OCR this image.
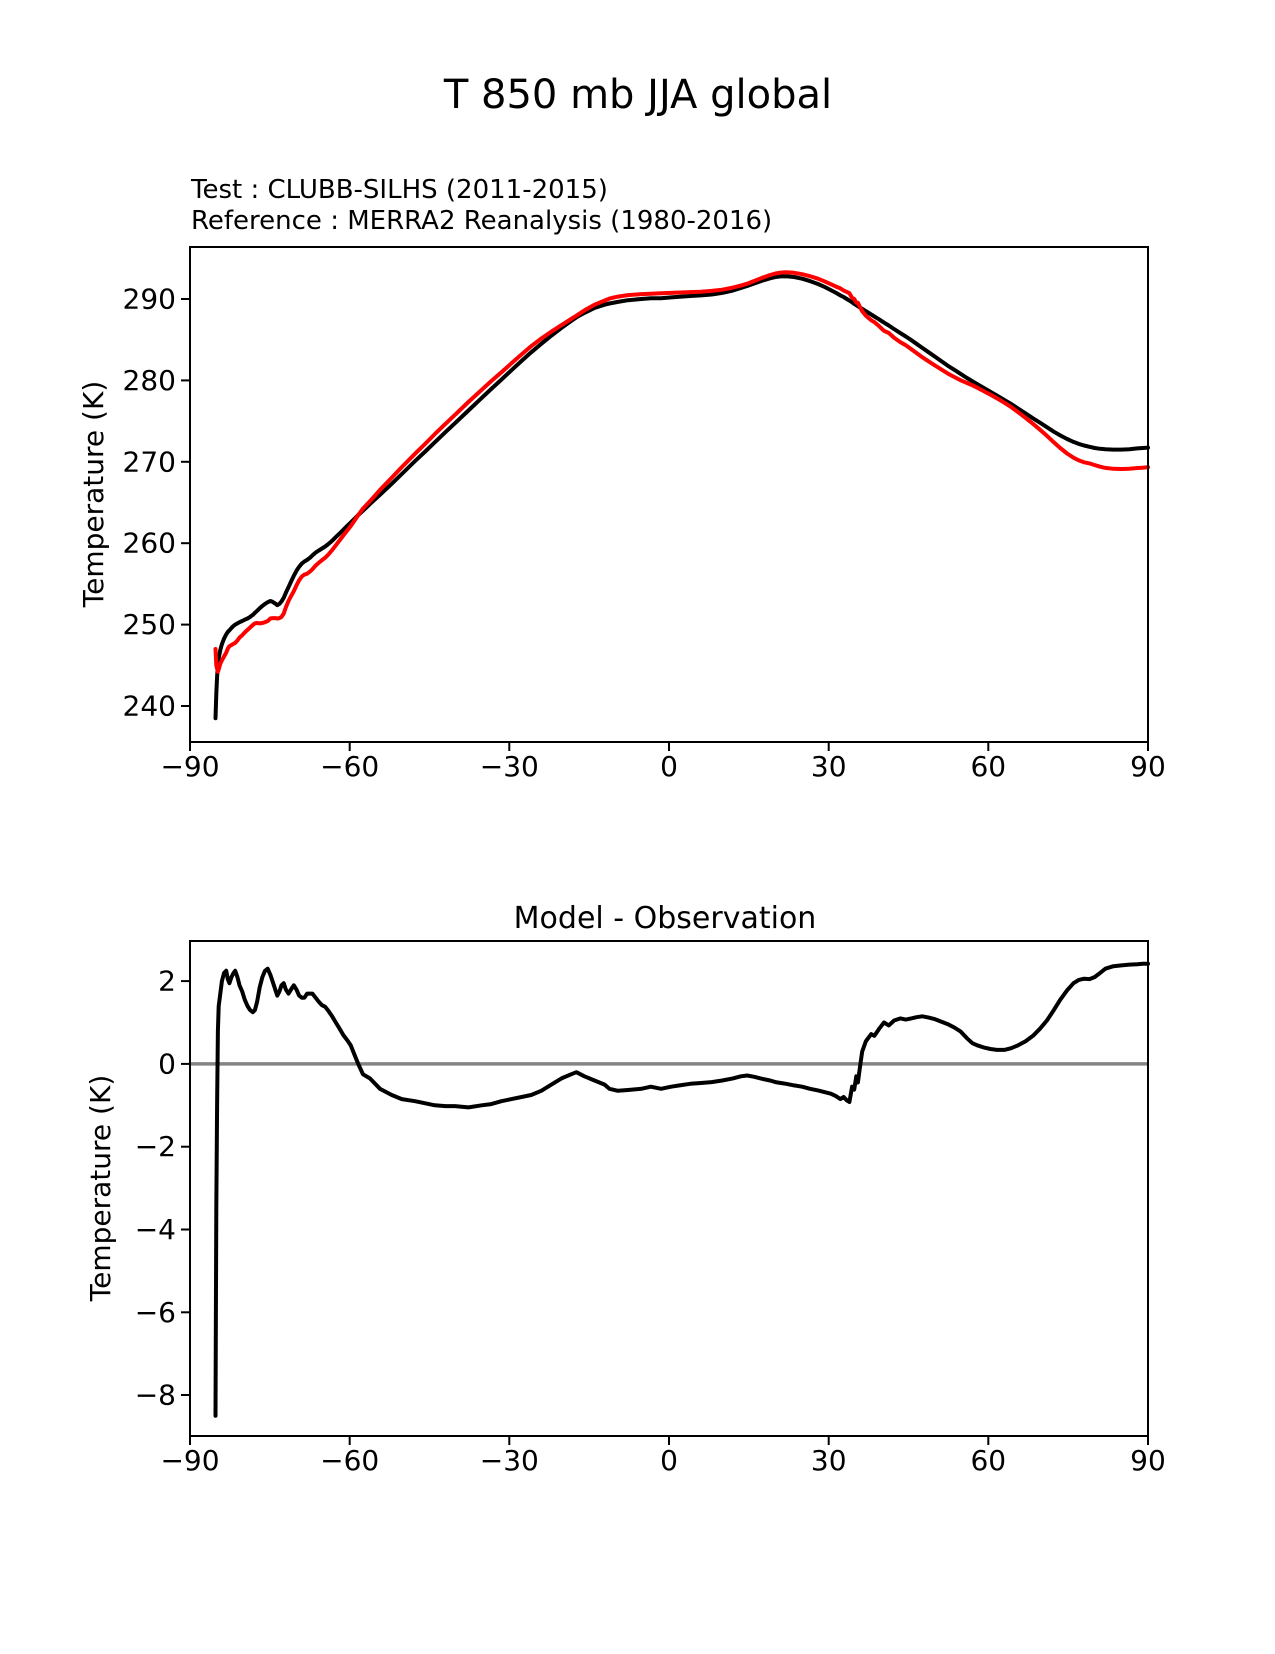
T 850 mb JJA global
Test : CLUBB-SILHS (2011-2015)
Reference : MERRA2 Reanalysis (1980-2016)
Temperature (K)
−90	−60	−30	0	30	60	90
240
250
260
270
280
290
Model - Observation
Temperature (K)
−90	−60	−30	0	30	60	90
2
0
−2
−4
−6
−8
